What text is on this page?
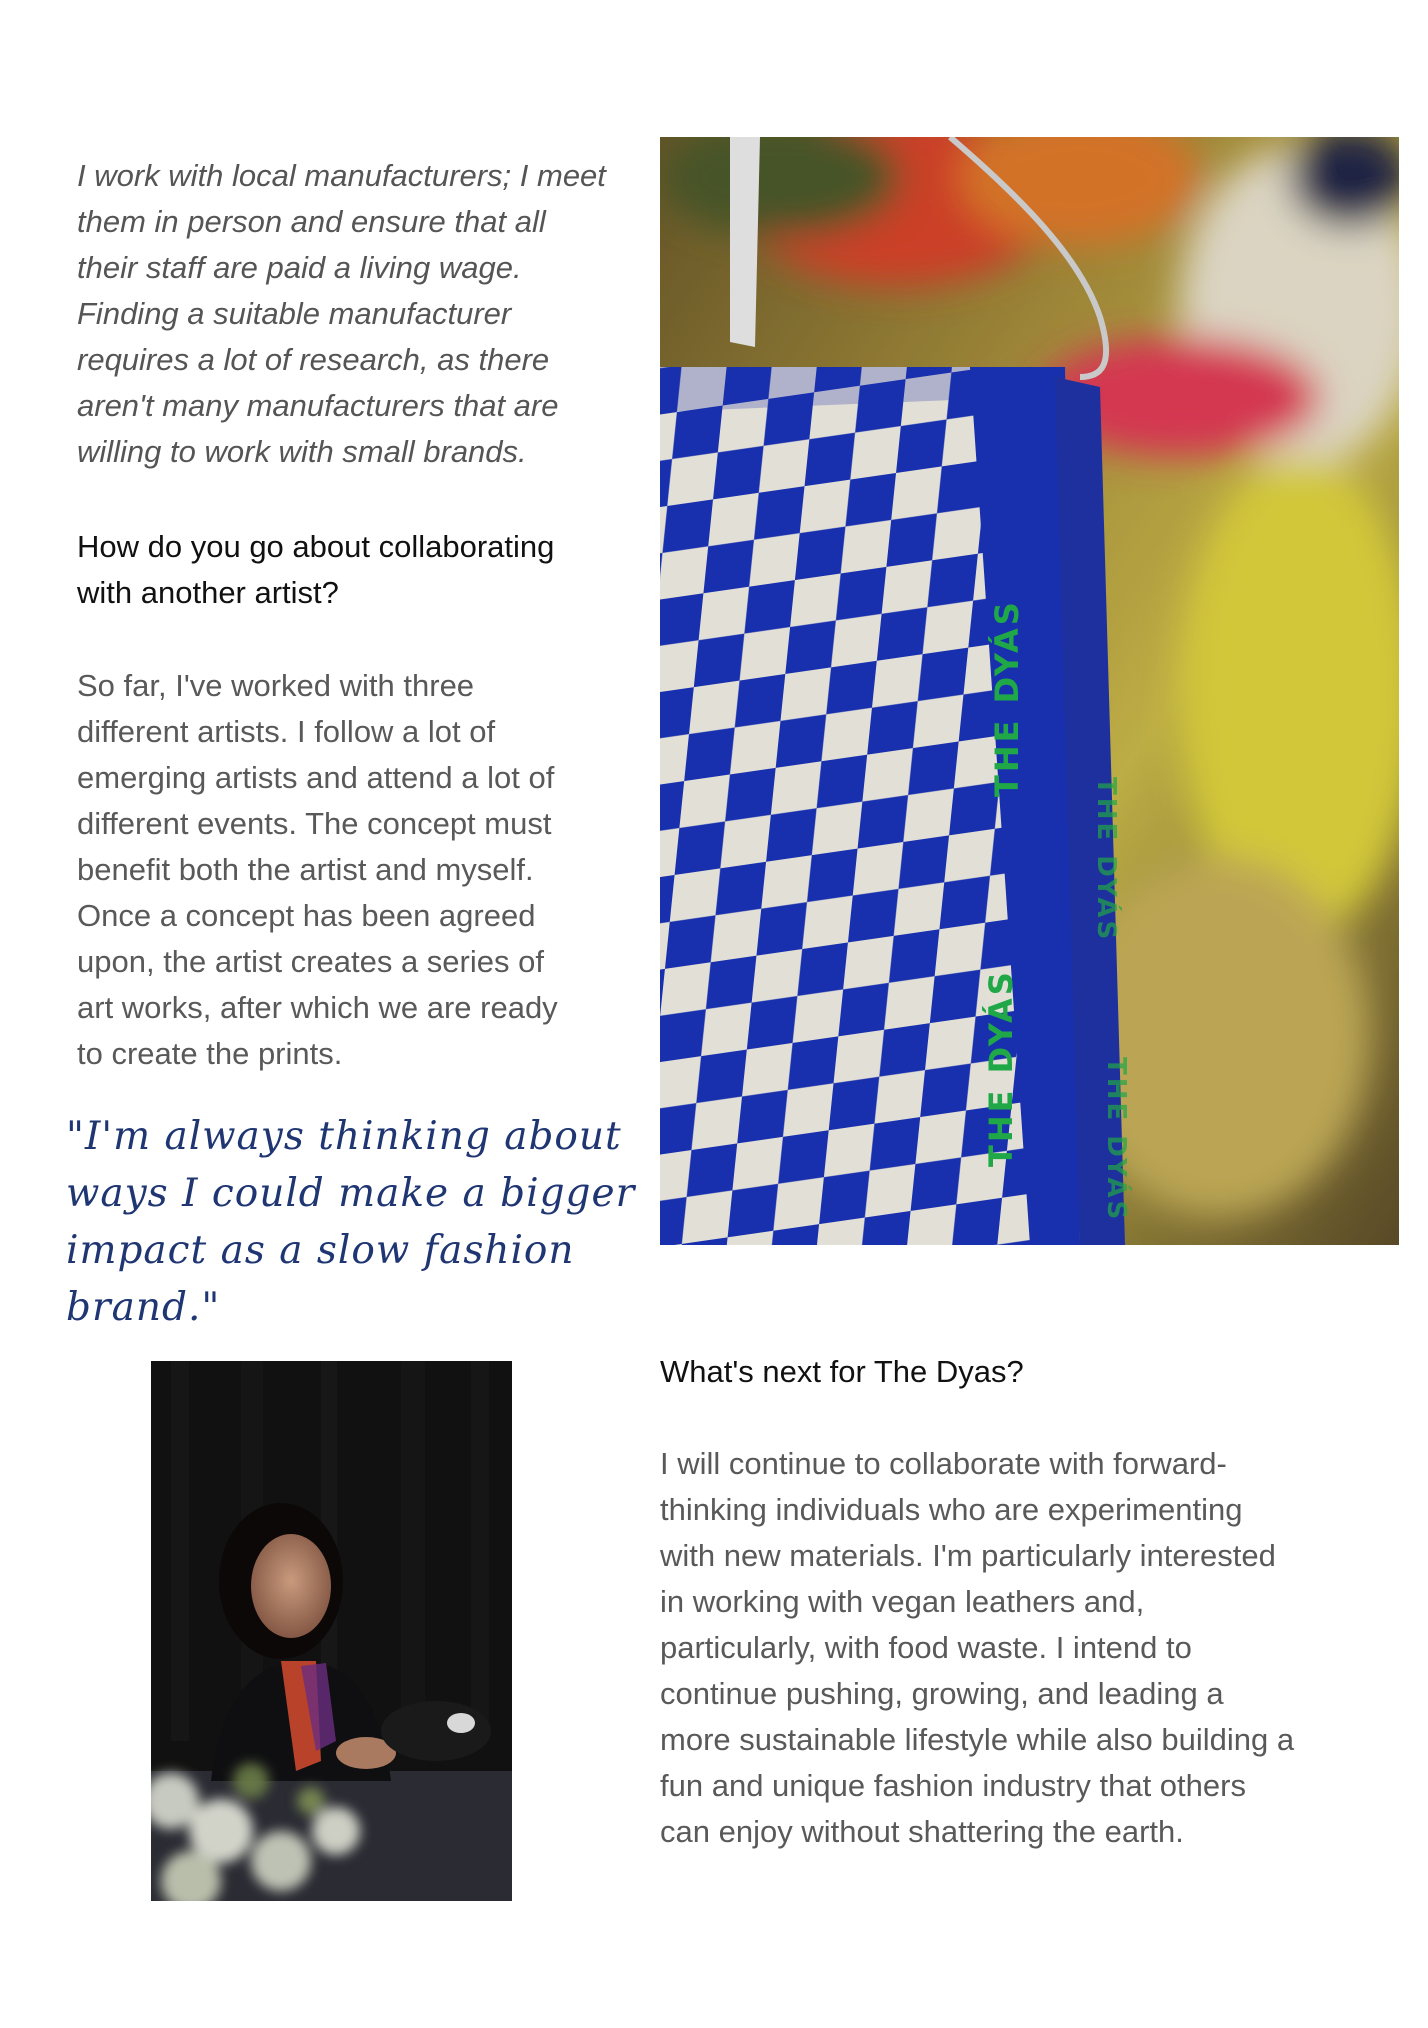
I work with local manufacturers; I meet
them in person and ensure that all
their staff are paid a living wage.
Finding a suitable manufacturer
requires a lot of research, as there
aren't many manufacturers that are
willing to work with small brands.
How do you go about collaborating
with another artist?
So far, I've worked with three
different artists. I follow a lot of
emerging artists and attend a lot of
different events. The concept must
benefit both the artist and myself.
Once a concept has been agreed
upon, the artist creates a series of
art works, after which we are ready
to create the prints.
"I'm always thinking about
ways I could make a bigger
impact as a slow fashion
brand."
THE DYÁS
THE DYÁS
THE DYÁS
THE DYÁS
What's next for The Dyas?
I will continue to collaborate with forward-
thinking individuals who are experimenting
with new materials. I'm particularly interested
in working with vegan leathers and,
particularly, with food waste. I intend to
continue pushing, growing, and leading a
more sustainable lifestyle while also building a
fun and unique fashion industry that others
can enjoy without shattering the earth.
